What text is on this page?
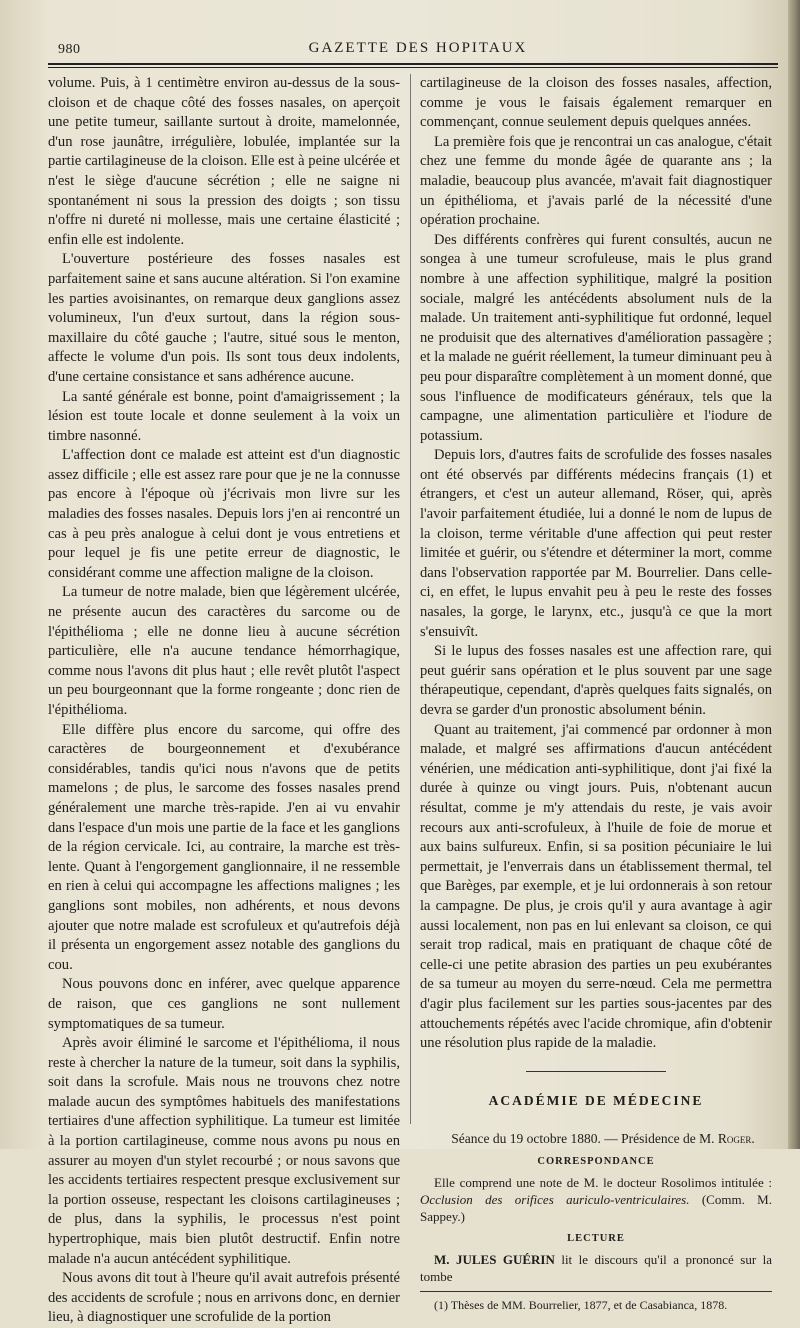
980	GAZETTE DES HOPITAUX

volume. Puis, à 1 centimètre environ au-dessus de la sous-cloison et de chaque côté des fosses nasales, on aperçoit une petite tumeur, saillante surtout à droite, mamelonnée, d'un rose jaunâtre, irrégulière, lobulée, implantée sur la partie cartilagineuse de la cloison. Elle est à peine ulcérée et n'est le siège d'aucune sécrétion ; elle ne saigne ni spontanément ni sous la pression des doigts ; son tissu n'offre ni dureté ni mollesse, mais une certaine élasticité ; enfin elle est indolente.

L'ouverture postérieure des fosses nasales est parfaitement saine et sans aucune altération. Si l'on examine les parties avoisinantes, on remarque deux ganglions assez volumineux, l'un d'eux surtout, dans la région sous-maxillaire du côté gauche ; l'autre, situé sous le menton, affecte le volume d'un pois. Ils sont tous deux indolents, d'une certaine consistance et sans adhérence aucune.

La santé générale est bonne, point d'amaigrissement ; la lésion est toute locale et donne seulement à la voix un timbre nasonné.

L'affection dont ce malade est atteint est d'un diagnostic assez difficile ; elle est assez rare pour que je ne la connusse pas encore à l'époque où j'écrivais mon livre sur les maladies des fosses nasales. Depuis lors j'en ai rencontré un cas à peu près analogue à celui dont je vous entretiens et pour lequel je fis une petite erreur de diagnostic, le considérant comme une affection maligne de la cloison.

La tumeur de notre malade, bien que légèrement ulcérée, ne présente aucun des caractères du sarcome ou de l'épithélioma ; elle ne donne lieu à aucune sécrétion particulière, elle n'a aucune tendance hémorrhagique, comme nous l'avons dit plus haut ; elle revêt plutôt l'aspect un peu bourgeonnant que la forme rongeante ; donc rien de l'épithélioma.

Elle diffère plus encore du sarcome, qui offre des caractères de bourgeonnement et d'exubérance considérables, tandis qu'ici nous n'avons que de petits mamelons ; de plus, le sarcome des fosses nasales prend généralement une marche très-rapide. J'en ai vu envahir dans l'espace d'un mois une partie de la face et les ganglions de la région cervicale. Ici, au contraire, la marche est très-lente. Quant à l'engorgement ganglionnaire, il ne ressemble en rien à celui qui accompagne les affections malignes ; les ganglions sont mobiles, non adhérents, et nous devons ajouter que notre malade est scrofuleux et qu'autrefois déjà il présenta un engorgement assez notable des ganglions du cou.

Nous pouvons donc en inférer, avec quelque apparence de raison, que ces ganglions ne sont nullement symptomatiques de sa tumeur.

Après avoir éliminé le sarcome et l'épithélioma, il nous reste à chercher la nature de la tumeur, soit dans la syphilis, soit dans la scrofule. Mais nous ne trouvons chez notre malade aucun des symptômes habituels des manifestations tertiaires d'une affection syphilitique. La tumeur est limitée à la portion cartilagineuse, comme nous avons pu nous en assurer au moyen d'un stylet recourbé ; or nous savons que les accidents tertiaires respectent presque exclusivement sur la portion osseuse, respectant les cloisons cartilagineuses ; de plus, dans la syphilis, le processus n'est point hypertrophique, mais bien plutôt destructif. Enfin notre malade n'a aucun antécédent syphilitique.

Nous avons dit tout à l'heure qu'il avait autrefois présenté des accidents de scrofule ; nous en arrivons donc, en dernier lieu, à diagnostiquer une scrofulide de la portion

cartilagineuse de la cloison des fosses nasales, affection, comme je vous le faisais également remarquer en commençant, connue seulement depuis quelques années.

La première fois que je rencontrai un cas analogue, c'était chez une femme du monde âgée de quarante ans ; la maladie, beaucoup plus avancée, m'avait fait diagnostiquer un épithélioma, et j'avais parlé de la nécessité d'une opération prochaine.

Des différents confrères qui furent consultés, aucun ne songea à une tumeur scrofuleuse, mais le plus grand nombre à une affection syphilitique, malgré la position sociale, malgré les antécédents absolument nuls de la malade. Un traitement anti-syphilitique fut ordonné, lequel ne produisit que des alternatives d'amélioration passagère ; et la malade ne guérit réellement, la tumeur diminuant peu à peu pour disparaître complètement à un moment donné, que sous l'influence de modificateurs généraux, tels que la campagne, une alimentation particulière et l'iodure de potassium.

Depuis lors, d'autres faits de scrofulide des fosses nasales ont été observés par différents médecins français (1) et étrangers, et c'est un auteur allemand, Röser, qui, après l'avoir parfaitement étudiée, lui a donné le nom de lupus de la cloison, terme véritable d'une affection qui peut rester limitée et guérir, ou s'étendre et déterminer la mort, comme dans l'observation rapportée par M. Bourrelier. Dans celle-ci, en effet, le lupus envahit peu à peu le reste des fosses nasales, la gorge, le larynx, etc., jusqu'à ce que la mort s'ensuivît.

Si le lupus des fosses nasales est une affection rare, qui peut guérir sans opération et le plus souvent par une sage thérapeutique, cependant, d'après quelques faits signalés, on devra se garder d'un pronostic absolument bénin.

Quant au traitement, j'ai commencé par ordonner à mon malade, et malgré ses affirmations d'aucun antécédent vénérien, une médication anti-syphilitique, dont j'ai fixé la durée à quinze ou vingt jours. Puis, n'obtenant aucun résultat, comme je m'y attendais du reste, je vais avoir recours aux anti-scrofuleux, à l'huile de foie de morue et aux bains sulfureux. Enfin, si sa position pécuniaire le lui permettait, je l'enverrais dans un établissement thermal, tel que Barèges, par exemple, et je lui ordonnerais à son retour la campagne. De plus, je crois qu'il y aura avantage à agir aussi localement, non pas en lui enlevant sa cloison, ce qui serait trop radical, mais en pratiquant de chaque côté de celle-ci une petite abrasion des parties un peu exubérantes de sa tumeur au moyen du serre-nœud. Cela me permettra d'agir plus facilement sur les parties sous-jacentes par des attouchements répétés avec l'acide chromique, afin d'obtenir une résolution plus rapide de la maladie.

ACADÉMIE DE MÉDECINE

Séance du 19 octobre 1880. — Présidence de M. Roger.

CORRESPONDANCE

Elle comprend une note de M. le docteur Rosolimos intitulée : Occlusion des orifices auriculo-ventriculaires. (Comm. M. Sappey.)

LECTURE

M. JULES GUÉRIN lit le discours qu'il a prononcé sur la tombe

(1) Thèses de MM. Bourrelier, 1877, et de Casabianca, 1878.
